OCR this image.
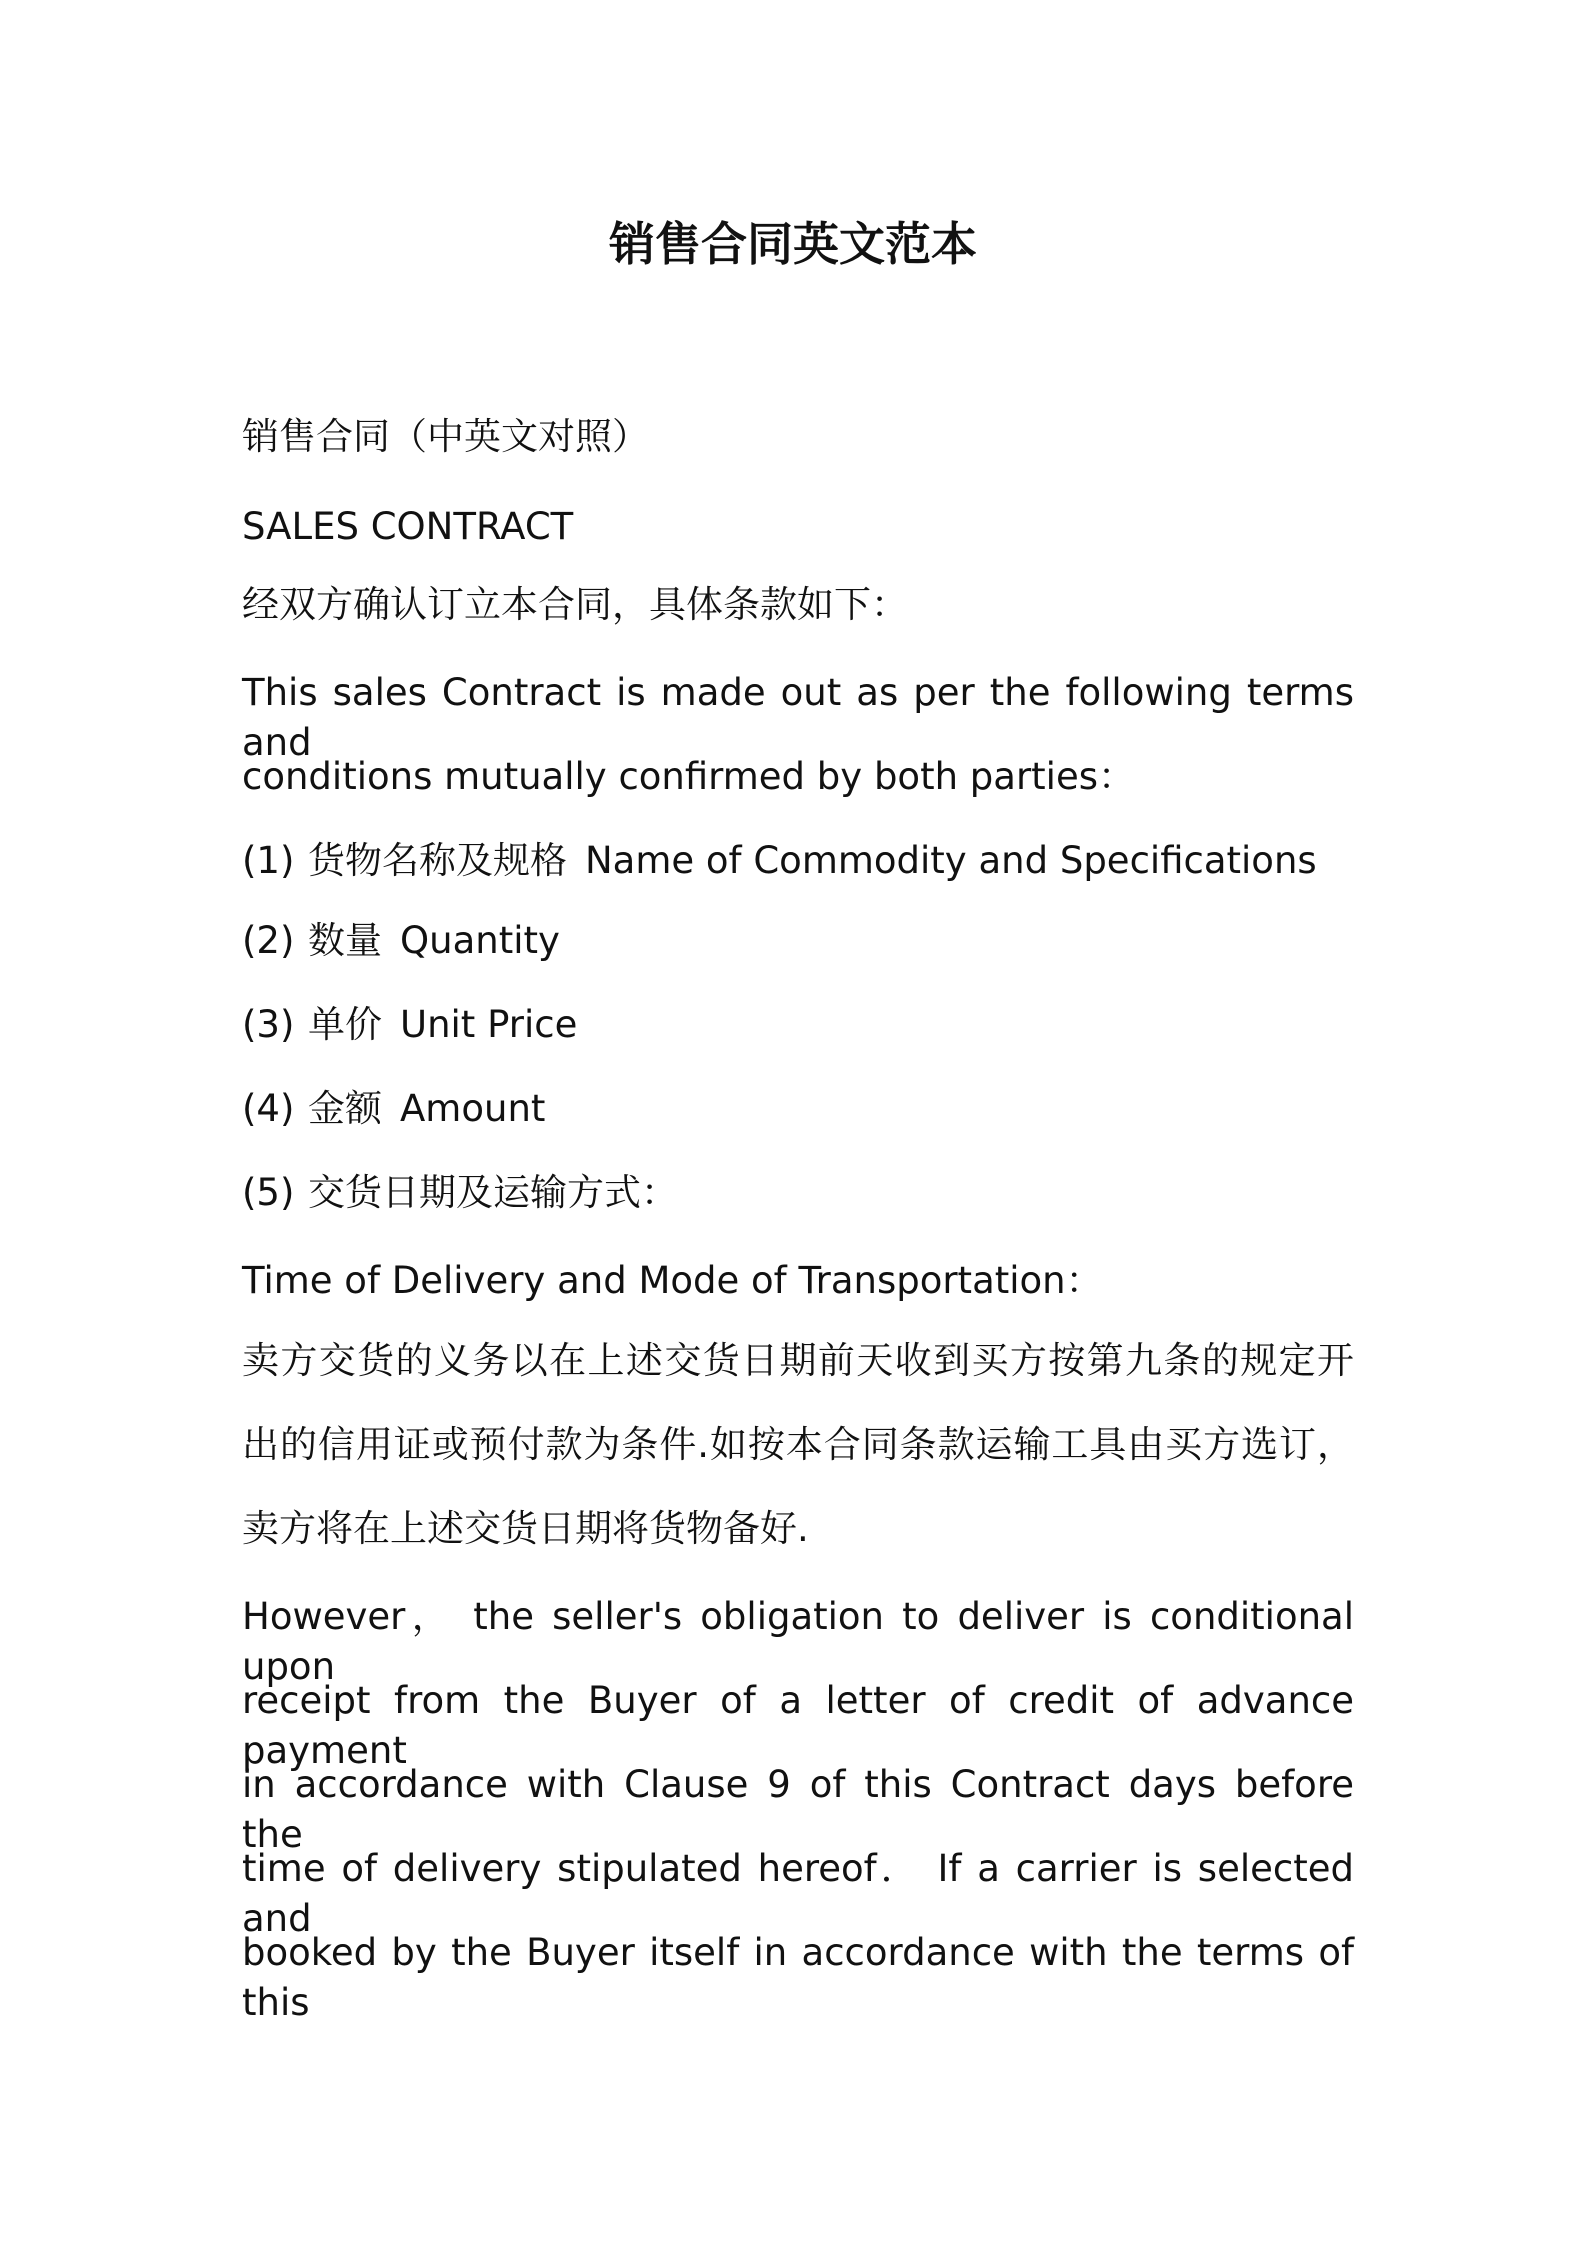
销售合同英文范本

销售合同（中英文对照）

SALES CONTRACT

经双方确认订立本合同，具体条款如下：

This sales Contract is made out as per the following terms and

conditions mutually confirmed by both parties：

(1) 货物名称及规格 Name of Commodity and Specifications

(2) 数量 Quantity

(3) 单价 Unit Price

(4) 金额 Amount

(5) 交货日期及运输方式：

Time of Delivery and Mode of Transportation：

卖方交货的义务以在上述交货日期前天收到买方按第九条的规定开

出的信用证或预付款为条件.如按本合同条款运输工具由买方选订，

卖方将在上述交货日期将货物备好.

However， the seller's obligation to deliver is conditional upon

receipt from the Buyer of a letter of credit of advance payment

in accordance with Clause 9 of this Contract days before the

time of delivery stipulated hereof． If a carrier is selected and

booked by the Buyer itself in accordance with the terms of this
